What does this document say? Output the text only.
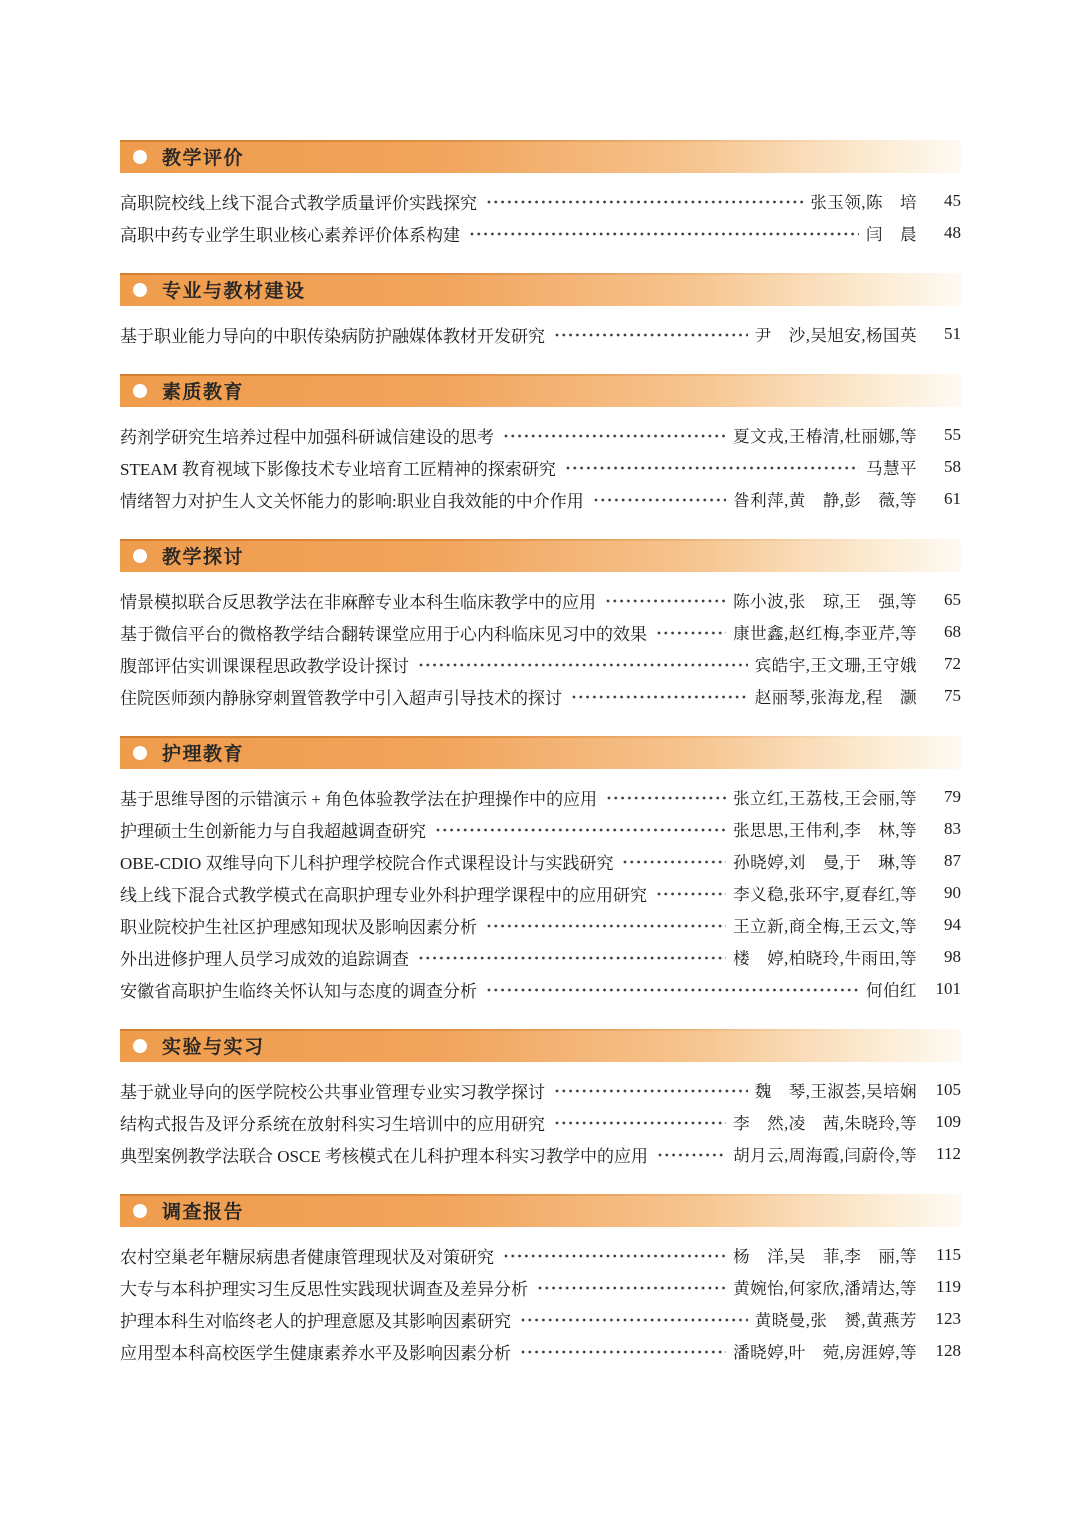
教学评价
高职院校线上线下混合式教学质量评价实践探究	张玉领,陈　培	45
高职中药专业学生职业核心素养评价体系构建	闫　晨	48
专业与教材建设
基于职业能力导向的中职传染病防护融媒体教材开发研究	尹　沙,吴旭安,杨国英	51
素质教育
药剂学研究生培养过程中加强科研诚信建设的思考	夏文戎,王椿清,杜丽娜,等	55
STEAM 教育视域下影像技术专业培育工匠精神的探索研究	马慧平	58
情绪智力对护生人文关怀能力的影响:职业自我效能的中介作用	昝利萍,黄　静,彭　薇,等	61
教学探讨
情景模拟联合反思教学法在非麻醉专业本科生临床教学中的应用	陈小波,张　琼,王　强,等	65
基于微信平台的微格教学结合翻转课堂应用于心内科临床见习中的效果	康世鑫,赵红梅,李亚芹,等	68
腹部评估实训课课程思政教学设计探讨	宾皓宇,王文珊,王守娥	72
住院医师颈内静脉穿刺置管教学中引入超声引导技术的探讨	赵丽琴,张海龙,程　灏	75
护理教育
基于思维导图的示错演示 + 角色体验教学法在护理操作中的应用	张立红,王荔枝,王会丽,等	79
护理硕士生创新能力与自我超越调查研究	张思思,王伟利,李　林,等	83
OBE-CDIO 双维导向下儿科护理学校院合作式课程设计与实践研究	孙晓婷,刘　曼,于　琳,等	87
线上线下混合式教学模式在高职护理专业外科护理学课程中的应用研究	李义稳,张环宇,夏春红,等	90
职业院校护生社区护理感知现状及影响因素分析	王立新,商全梅,王云文,等	94
外出进修护理人员学习成效的追踪调查	楼　婷,柏晓玲,牛雨田,等	98
安徽省高职护生临终关怀认知与态度的调查分析	何伯红	101
实验与实习
基于就业导向的医学院校公共事业管理专业实习教学探讨	魏　琴,王淑荟,吴培娴	105
结构式报告及评分系统在放射科实习生培训中的应用研究	李　然,凌　茜,朱晓玲,等	109
典型案例教学法联合 OSCE 考核模式在儿科护理本科实习教学中的应用	胡月云,周海霞,闫蔚伶,等	112
调查报告
农村空巢老年糖尿病患者健康管理现状及对策研究	杨　洋,吴　菲,李　丽,等	115
大专与本科护理实习生反思性实践现状调查及差异分析	黄婉怡,何家欣,潘靖达,等	119
护理本科生对临终老人的护理意愿及其影响因素研究	黄晓曼,张　赟,黄燕芳	123
应用型本科高校医学生健康素养水平及影响因素分析	潘晓婷,叶　菀,房涯婷,等	128
